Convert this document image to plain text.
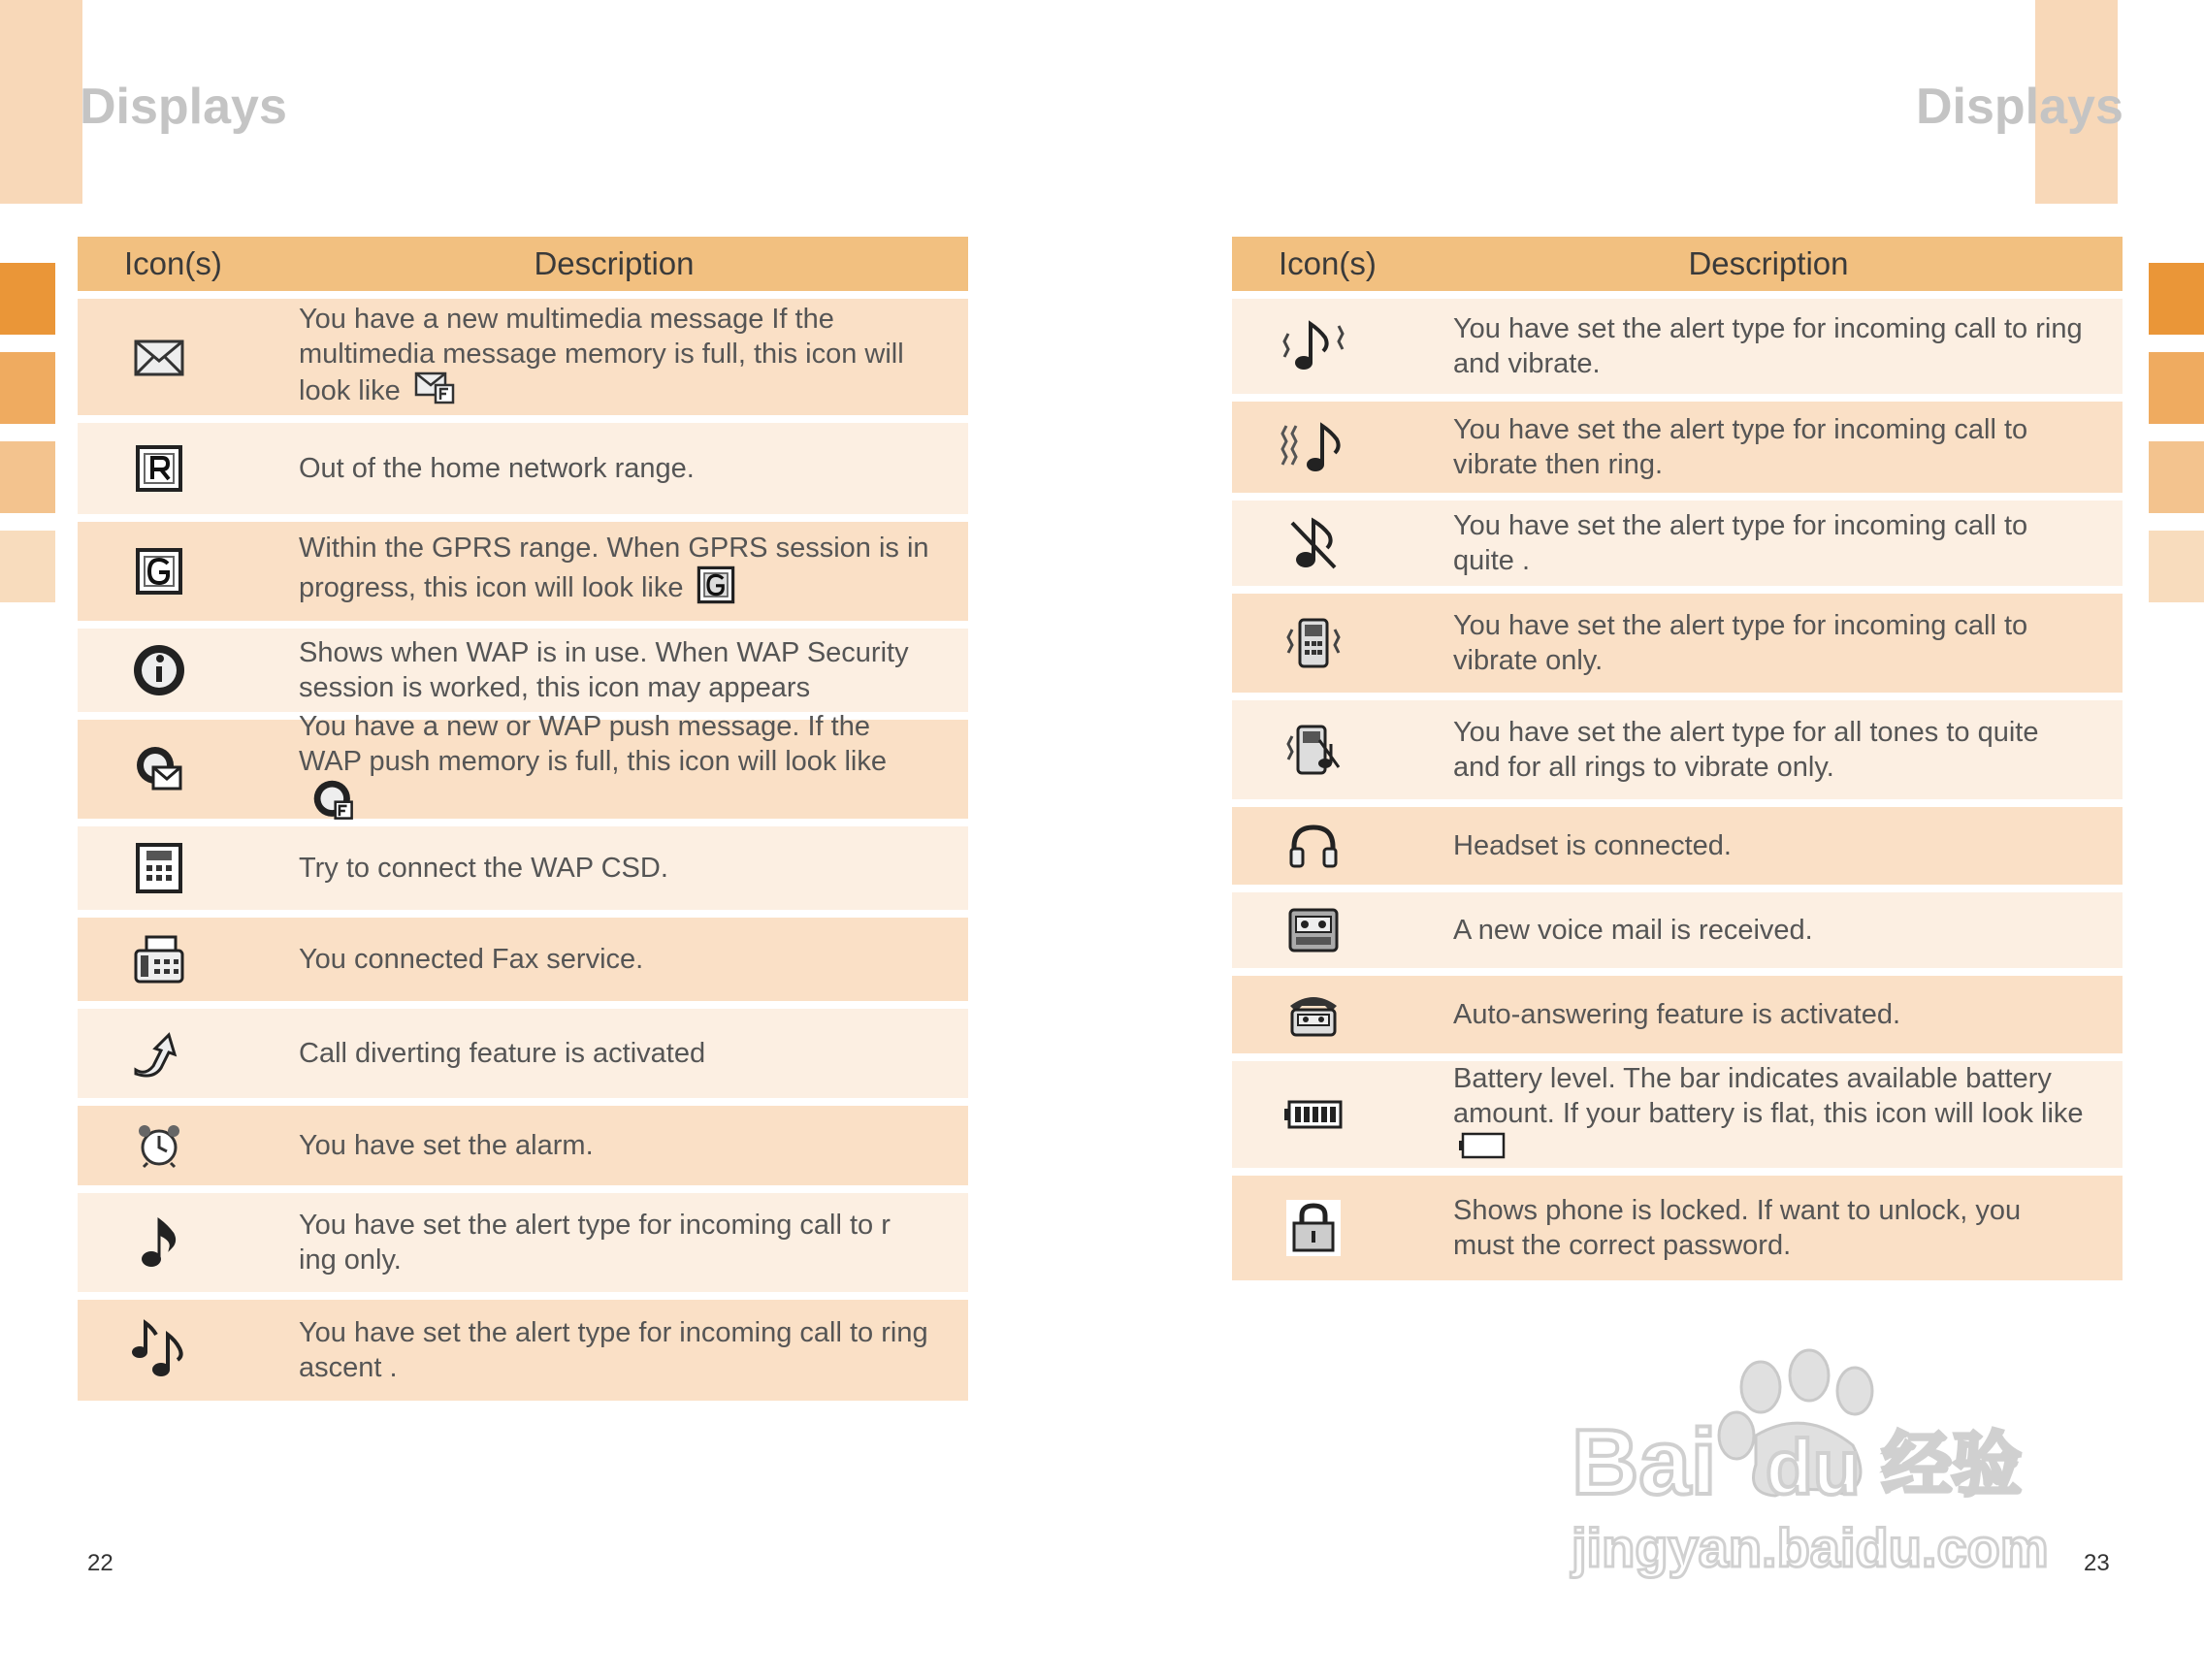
Displays	Displays
Icon(s)	Description

You have a new multimedia message If the multimedia message memory is full, this icon will look like

Out of the home network range.

Within the GPRS range. When GPRS session is in progress, this icon will look like

Shows when WAP is in use. When WAP Security session is worked, this icon may appears

You have a new or WAP push message. If the WAP push memory is full, this icon will look like

Try to connect the WAP CSD.

You connected Fax service.

Call diverting feature is activated

You have set the alarm.

You have set the alert type for incoming call to r ing only.

You have set the alert type for incoming call to ring ascent .

Icon(s)	Description

You have set the alert type for incoming call to ring and vibrate.

You have set the alert type for incoming call to vibrate then ring.

You have set the alert type for incoming call to quite .

You have set the alert type for incoming call to vibrate only.

You have set the alert type for all tones to quite and for all rings to vibrate only.

Headset is connected.

A new voice mail is received.

Auto-answering feature is activated.

Battery level. The bar indicates available battery amount. If your battery is flat, this icon will look like

Shows phone is locked. If want to unlock, you must the correct password.

22	23

Bai du 经验
jingyan.baidu.com
